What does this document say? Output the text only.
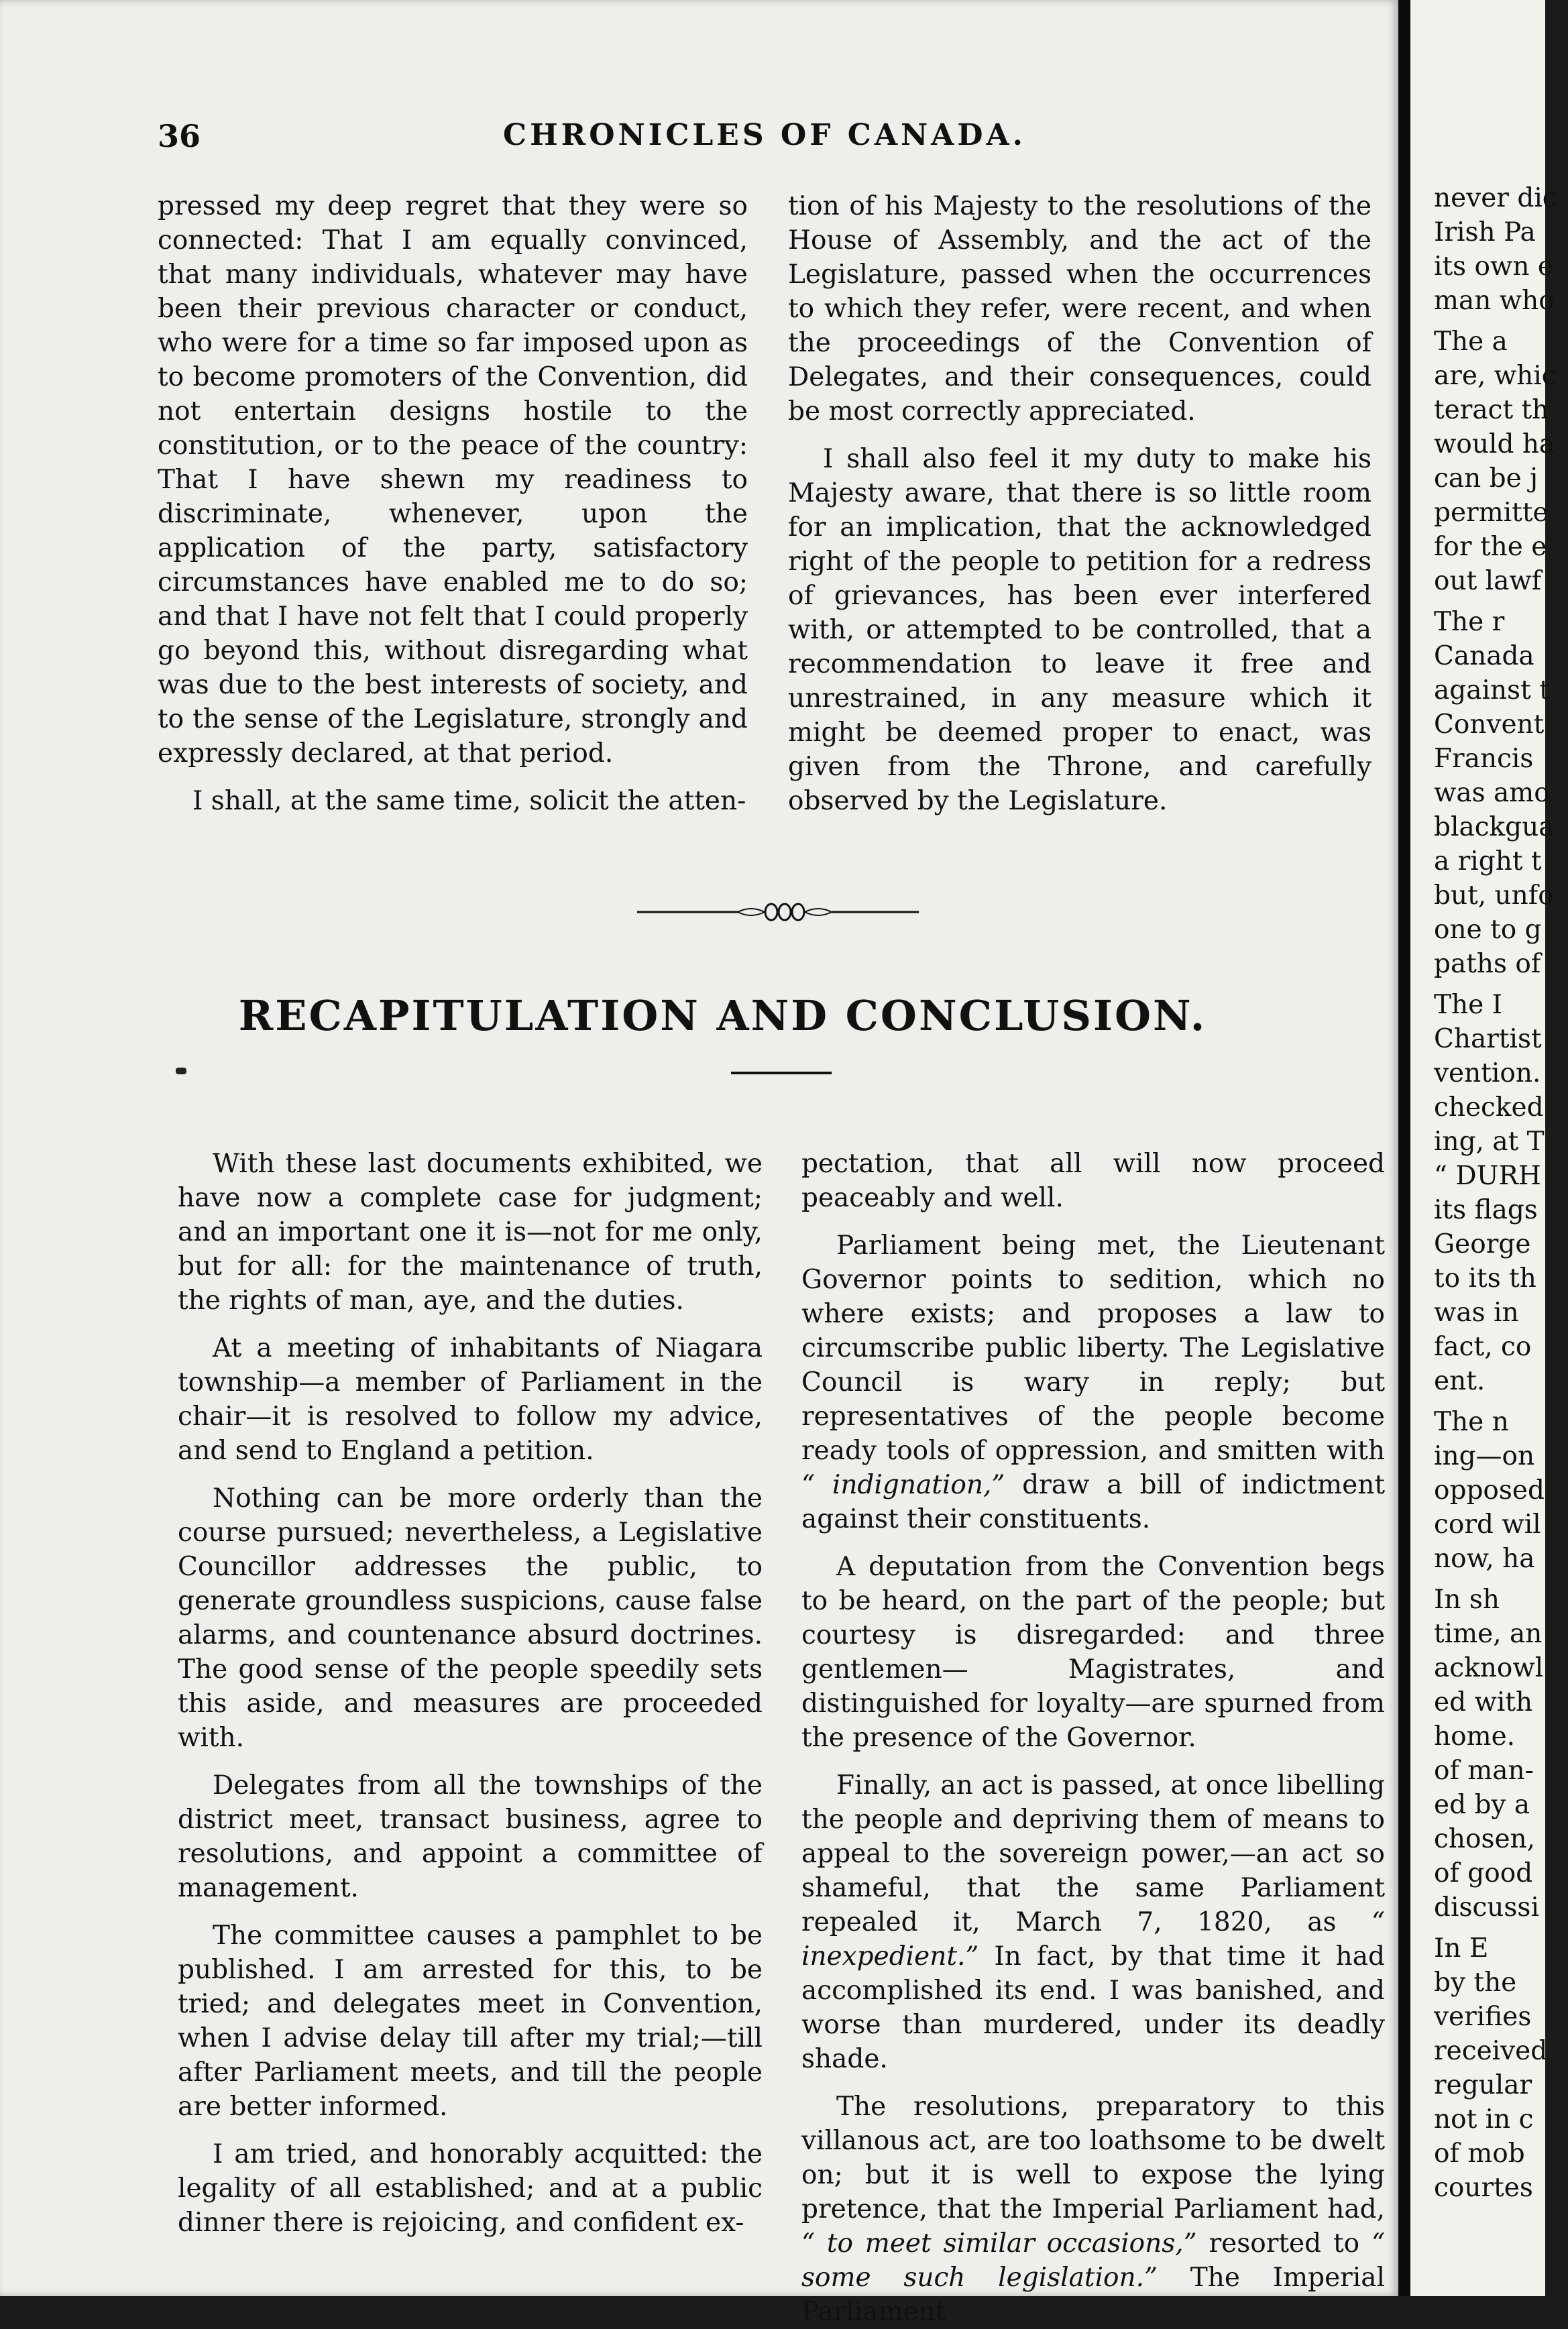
36	CHRONICLES OF CANADA.

pressed my deep regret that they were so connected: That I am equally convinced, that many individuals, whatever may have been their previous character or conduct, who were for a time so far imposed upon as to become promoters of the Convention, did not entertain designs hostile to the constitution, or to the peace of the country: That I have shewn my readiness to discriminate, whenever, upon the application of the party, satisfactory circumstances have enabled me to do so; and that I have not felt that I could properly go beyond this, without disregarding what was due to the best interests of society, and to the sense of the Legislature, strongly and expressly declared, at that period.

I shall, at the same time, solicit the atten-

tion of his Majesty to the resolutions of the House of Assembly, and the act of the Legislature, passed when the occurrences to which they refer, were recent, and when the proceedings of the Convention of Delegates, and their consequences, could be most correctly appreciated.

I shall also feel it my duty to make his Majesty aware, that there is so little room for an implication, that the acknowledged right of the people to petition for a redress of grievances, has been ever interfered with, or attempted to be controlled, that a recommendation to leave it free and unrestrained, in any measure which it might be deemed proper to enact, was given from the Throne, and carefully observed by the Legislature.

RECAPITULATION AND CONCLUSION.

With these last documents exhibited, we have now a complete case for judgment; and an important one it is—not for me only, but for all: for the maintenance of truth, the rights of man, aye, and the duties.

At a meeting of inhabitants of Niagara township—a member of Parliament in the chair—it is resolved to follow my advice, and send to England a petition.

Nothing can be more orderly than the course pursued; nevertheless, a Legislative Councillor addresses the public, to generate groundless suspicions, cause false alarms, and countenance absurd doctrines. The good sense of the people speedily sets this aside, and measures are proceeded with.

Delegates from all the townships of the district meet, transact business, agree to resolutions, and appoint a committee of management.

The committee causes a pamphlet to be published. I am arrested for this, to be tried; and delegates meet in Convention, when I advise delay till after my trial;—till after Parliament meets, and till the people are better informed.

I am tried, and honorably acquitted: the legality of all established; and at a public dinner there is rejoicing, and confident ex-

pectation, that all will now proceed peaceably and well.

Parliament being met, the Lieutenant Governor points to sedition, which no where exists; and proposes a law to circumscribe public liberty. The Legislative Council is wary in reply; but representatives of the people become ready tools of oppression, and smitten with “ indignation,” draw a bill of indictment against their constituents.

A deputation from the Convention begs to be heard, on the part of the people; but courtesy is disregarded: and three gentlemen— Magistrates, and distinguished for loyalty—are spurned from the presence of the Governor.

Finally, an act is passed, at once libelling the people and depriving them of means to appeal to the sovereign power,—an act so shameful, that the same Parliament repealed it, March 7, 1820, as “ inexpedient.” In fact, by that time it had accomplished its end. I was banished, and worse than murdered, under its deadly shade.

The resolutions, preparatory to this villanous act, are too loathsome to be dwelt on; but it is well to expose the lying pretence, that the Imperial Parliament had, “ to meet similar occasions,” resorted to “ some such legislation.” The Imperial Parliament

never dic

Irish Pa

its own e

man who

The a

are, whic

teract th

would ha

can be j

permitte

for the e

out lawf

The r

Canada

against t

Convent

Francis

was amo

blackgua

a right t

but, unfo

one to g

paths of

The I

Chartist

vention.

checked

ing, at T

“ DURH

its flags

George

to its th

was in

fact, co

ent.

The n

ing—on

opposed

cord wil

now, ha

In sh

time, an

acknowl

ed with

home.

of man-

ed by a

chosen,

of good

discussi

In E

by the

verifies

received

regular

not in c

of mob

courtes
